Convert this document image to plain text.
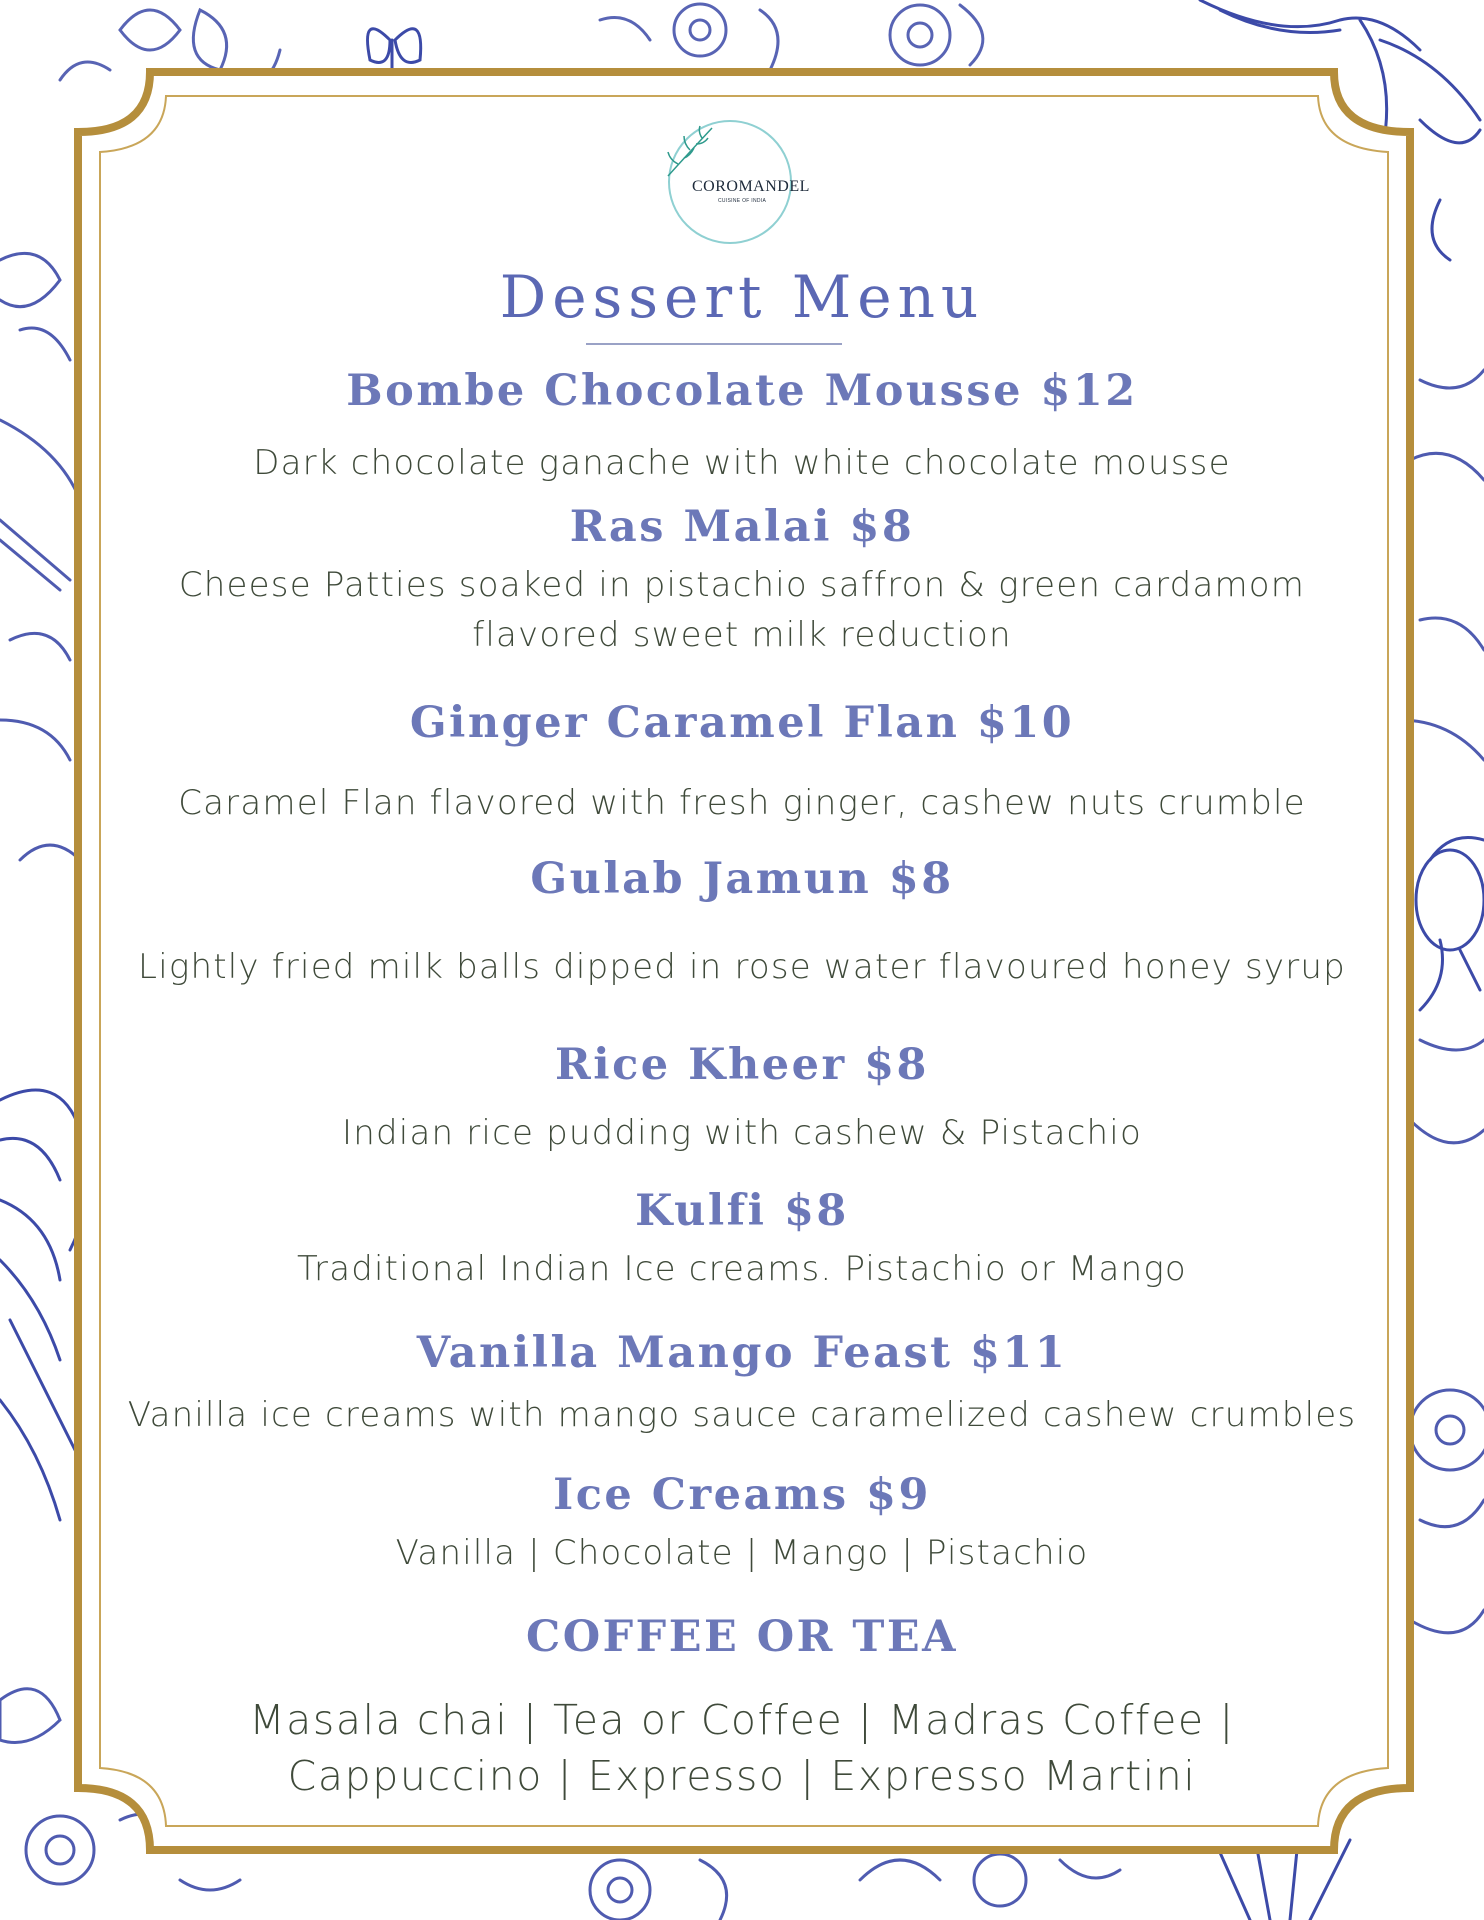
COROMANDEL
CUISINE OF INDIA
Dessert Menu
Bombe Chocolate Mousse $12
Dark chocolate ganache with white chocolate mousse
Ras Malai $8
Cheese Patties soaked in pistachio saffron & green cardamom
flavored sweet milk reduction
Ginger Caramel Flan $10
Caramel Flan flavored with fresh ginger, cashew nuts crumble
Gulab Jamun $8
Lightly fried milk balls dipped in rose water flavoured honey syrup
Rice Kheer $8
Indian rice pudding with cashew & Pistachio
Kulfi $8
Traditional Indian Ice creams. Pistachio or Mango
Vanilla Mango Feast $11
Vanilla ice creams with mango sauce caramelized cashew crumbles
Ice Creams $9
Vanilla | Chocolate | Mango | Pistachio
COFFEE OR TEA
Masala chai | Tea or Coffee | Madras Coffee |
Cappuccino | Expresso | Expresso Martini
